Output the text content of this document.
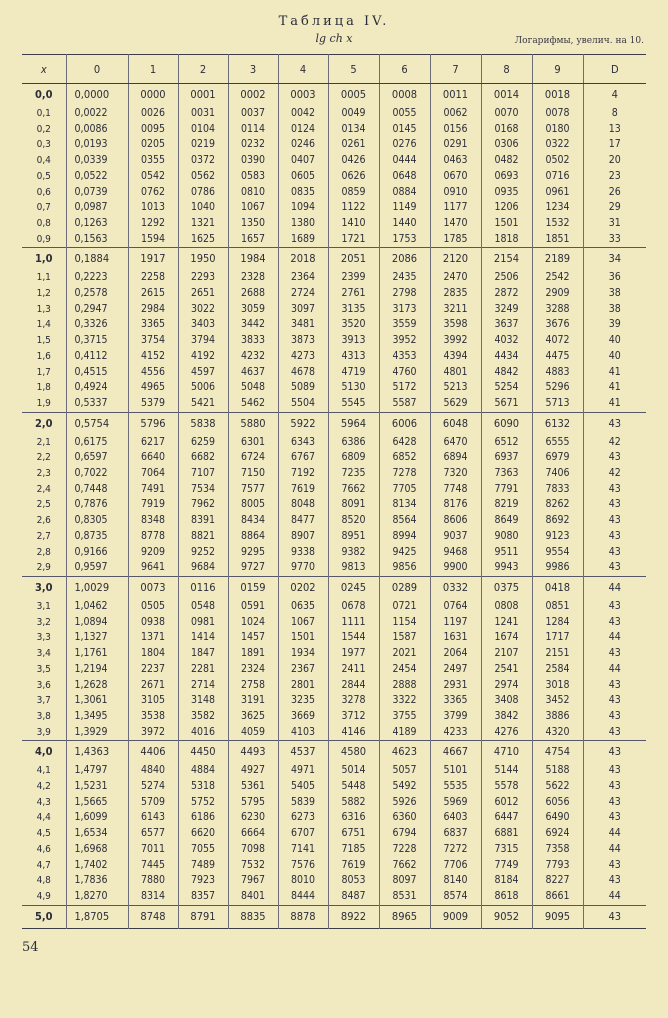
Таблица IV.
lg ch x	Логарифмы, увелич. на 10.
x	0	1	2	3	4	5	6	7	8	9	D
0,0	0,0000	0000	0001	0002	0003	0005	0008	0011	0014	0018	4
0,1	0,0022	0026	0031	0037	0042	0049	0055	0062	0070	0078	8
0,2	0,0086	0095	0104	0114	0124	0134	0145	0156	0168	0180	13
0,3	0,0193	0205	0219	0232	0246	0261	0276	0291	0306	0322	17
0,4	0,0339	0355	0372	0390	0407	0426	0444	0463	0482	0502	20
0,5	0,0522	0542	0562	0583	0605	0626	0648	0670	0693	0716	23
0,6	0,0739	0762	0786	0810	0835	0859	0884	0910	0935	0961	26
0,7	0,0987	1013	1040	1067	1094	1122	1149	1177	1206	1234	29
0,8	0,1263	1292	1321	1350	1380	1410	1440	1470	1501	1532	31
0,9	0,1563	1594	1625	1657	1689	1721	1753	1785	1818	1851	33
1,0	0,1884	1917	1950	1984	2018	2051	2086	2120	2154	2189	34
1,1	0,2223	2258	2293	2328	2364	2399	2435	2470	2506	2542	36
1,2	0,2578	2615	2651	2688	2724	2761	2798	2835	2872	2909	38
1,3	0,2947	2984	3022	3059	3097	3135	3173	3211	3249	3288	38
1,4	0,3326	3365	3403	3442	3481	3520	3559	3598	3637	3676	39
1,5	0,3715	3754	3794	3833	3873	3913	3952	3992	4032	4072	40
1,6	0,4112	4152	4192	4232	4273	4313	4353	4394	4434	4475	40
1,7	0,4515	4556	4597	4637	4678	4719	4760	4801	4842	4883	41
1,8	0,4924	4965	5006	5048	5089	5130	5172	5213	5254	5296	41
1,9	0,5337	5379	5421	5462	5504	5545	5587	5629	5671	5713	41
2,0	0,5754	5796	5838	5880	5922	5964	6006	6048	6090	6132	43
2,1	0,6175	6217	6259	6301	6343	6386	6428	6470	6512	6555	42
2,2	0,6597	6640	6682	6724	6767	6809	6852	6894	6937	6979	43
2,3	0,7022	7064	7107	7150	7192	7235	7278	7320	7363	7406	42
2,4	0,7448	7491	7534	7577	7619	7662	7705	7748	7791	7833	43
2,5	0,7876	7919	7962	8005	8048	8091	8134	8176	8219	8262	43
2,6	0,8305	8348	8391	8434	8477	8520	8564	8606	8649	8692	43
2,7	0,8735	8778	8821	8864	8907	8951	8994	9037	9080	9123	43
2,8	0,9166	9209	9252	9295	9338	9382	9425	9468	9511	9554	43
2,9	0,9597	9641	9684	9727	9770	9813	9856	9900	9943	9986	43
3,0	1,0029	0073	0116	0159	0202	0245	0289	0332	0375	0418	44
3,1	1,0462	0505	0548	0591	0635	0678	0721	0764	0808	0851	43
3,2	1,0894	0938	0981	1024	1067	1111	1154	1197	1241	1284	43
3,3	1,1327	1371	1414	1457	1501	1544	1587	1631	1674	1717	44
3,4	1,1761	1804	1847	1891	1934	1977	2021	2064	2107	2151	43
3,5	1,2194	2237	2281	2324	2367	2411	2454	2497	2541	2584	44
3,6	1,2628	2671	2714	2758	2801	2844	2888	2931	2974	3018	43
3,7	1,3061	3105	3148	3191	3235	3278	3322	3365	3408	3452	43
3,8	1,3495	3538	3582	3625	3669	3712	3755	3799	3842	3886	43
3,9	1,3929	3972	4016	4059	4103	4146	4189	4233	4276	4320	43
4,0	1,4363	4406	4450	4493	4537	4580	4623	4667	4710	4754	43
4,1	1,4797	4840	4884	4927	4971	5014	5057	5101	5144	5188	43
4,2	1,5231	5274	5318	5361	5405	5448	5492	5535	5578	5622	43
4,3	1,5665	5709	5752	5795	5839	5882	5926	5969	6012	6056	43
4,4	1,6099	6143	6186	6230	6273	6316	6360	6403	6447	6490	43
4,5	1,6534	6577	6620	6664	6707	6751	6794	6837	6881	6924	44
4,6	1,6968	7011	7055	7098	7141	7185	7228	7272	7315	7358	44
4,7	1,7402	7445	7489	7532	7576	7619	7662	7706	7749	7793	43
4,8	1,7836	7880	7923	7967	8010	8053	8097	8140	8184	8227	43
4,9	1,8270	8314	8357	8401	8444	8487	8531	8574	8618	8661	44
5,0	1,8705	8748	8791	8835	8878	8922	8965	9009	9052	9095	43
54
